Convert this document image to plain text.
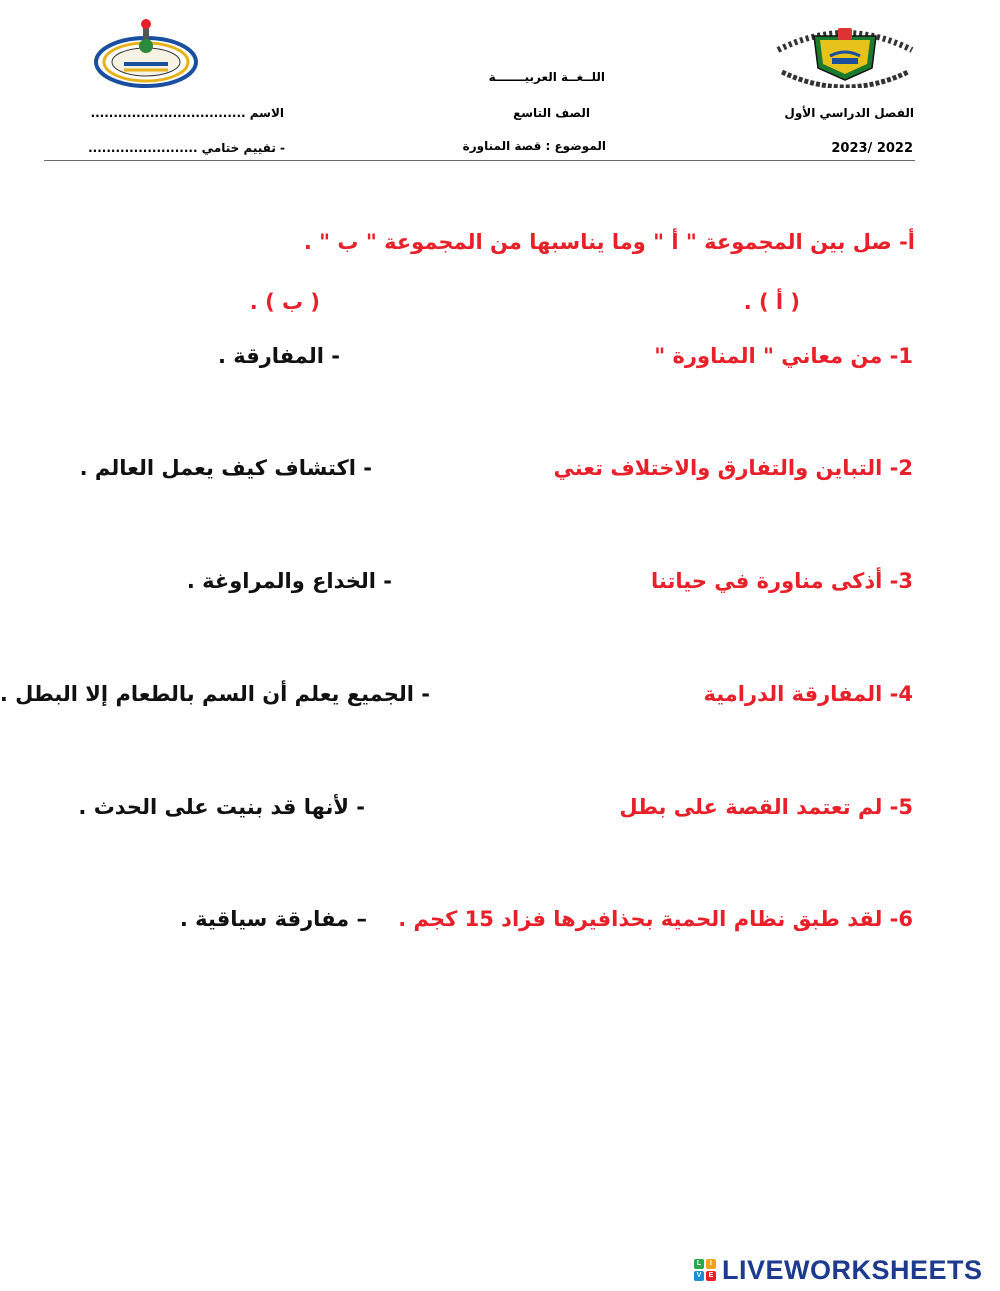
اللــغــة العربيـــــــة
الفصل الدراسي الأول
الصف التاسع
الاسم ..................................
2023/ 2022
الموضوع : قصة المناورة
- تقييم ختامي ........................
أ- صل بين المجموعة " أ " وما يناسبها من المجموعة " ب " .
( أ ) .
( ب ) .
1- من معاني " المناورة "
2- التباين والتفارق والاختلاف تعني
3- أذكى مناورة في حياتنا
4- المفارقة الدرامية
5- لم تعتمد القصة على بطل
6- لقد طبق نظام الحمية بحذافيرها فزاد 15 كجم .
- المفارقة .
- اكتشاف كيف يعمل العالم .
- الخداع والمراوغة .
- الجميع يعلم أن السم بالطعام إلا البطل .
- لأنها قد بنيت على الحدث .
– مفارقة سياقية .
L	I
V	E LIVEWORKSHEETS
